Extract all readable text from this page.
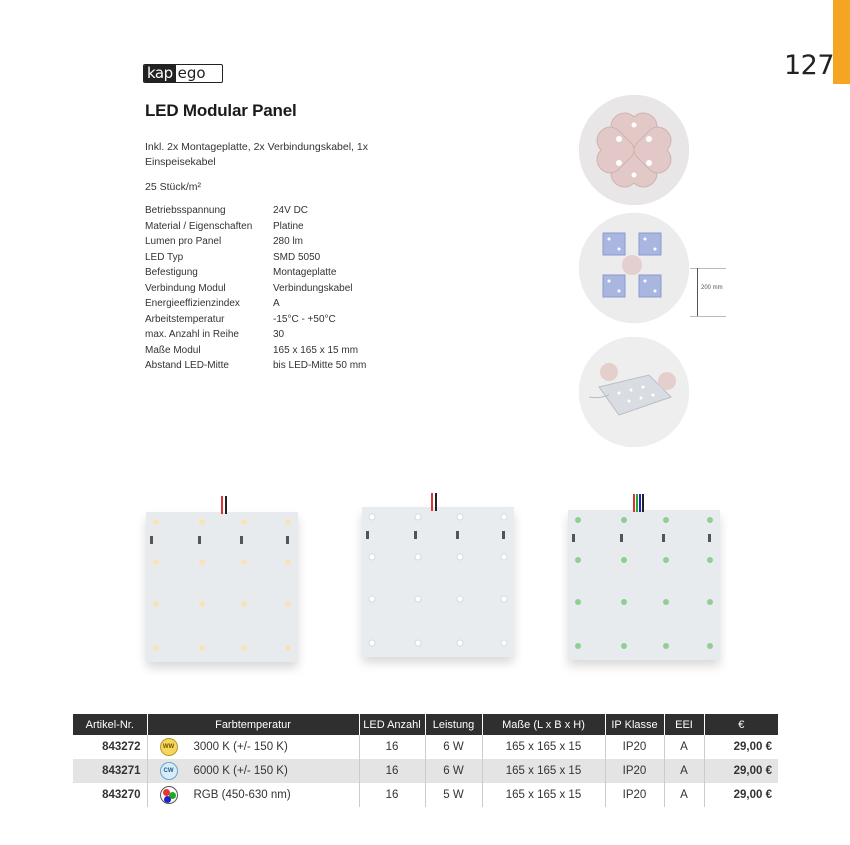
127
kap ego
LED Modular Panel
Inkl. 2x Montageplatte, 2x Verbindungskabel, 1x Einspeisekabel
25 Stück/m²
Betriebsspannung	24V DC
Material / Eigenschaften	Platine
Lumen pro Panel	280 lm
LED Typ	SMD 5050
Befestigung	Montageplatte
Verbindung Modul	Verbindungskabel
Energieeffizienzindex	A
Arbeitstemperatur	-15°C - +50°C
max. Anzahl in Reihe	30
Maße Modul	165 x 165 x 15 mm
Abstand LED-Mitte	bis LED-Mitte 50 mm
200 mm
Artikel-Nr.	Farbtemperatur	LED Anzahl	Leistung	Maße (L x B x H)	IP Klasse	EEI	€
843272	WW 3000 K (+/- 150 K)	16	6 W	165 x 165 x 15	IP20	A	29,00 €
843271	CW 6000 K (+/- 150 K)	16	6 W	165 x 165 x 15	IP20	A	29,00 €
843270	RGB (450-630 nm)	16	5 W	165 x 165 x 15	IP20	A	29,00 €
